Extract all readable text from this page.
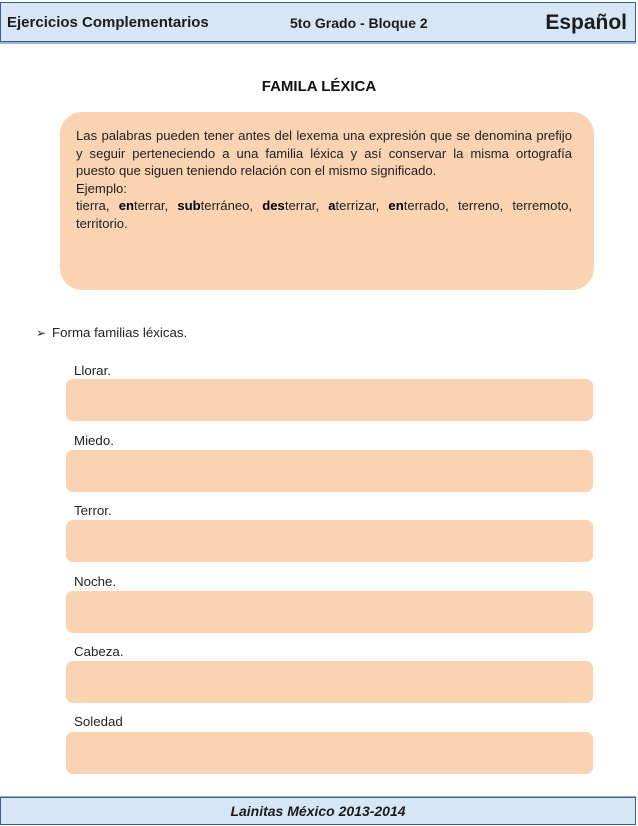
Ejercicios Complementarios	5to Grado - Bloque 2	Español
FAMILA LÉXICA

Las palabras pueden tener antes del lexema una expresión que se denomina prefijo y seguir perteneciendo a una familia léxica y así conservar la misma ortografía puesto que siguen teniendo relación con el mismo significado.

Ejemplo:

tierra, enterrar, subterráneo, desterrar, aterrizar, enterrado, terreno, terremoto, territorio.

➢ Forma familias léxicas.
Llorar.
Miedo.
Terror.
Noche.
Cabeza.
Soledad
Lainitas México 2013-2014
